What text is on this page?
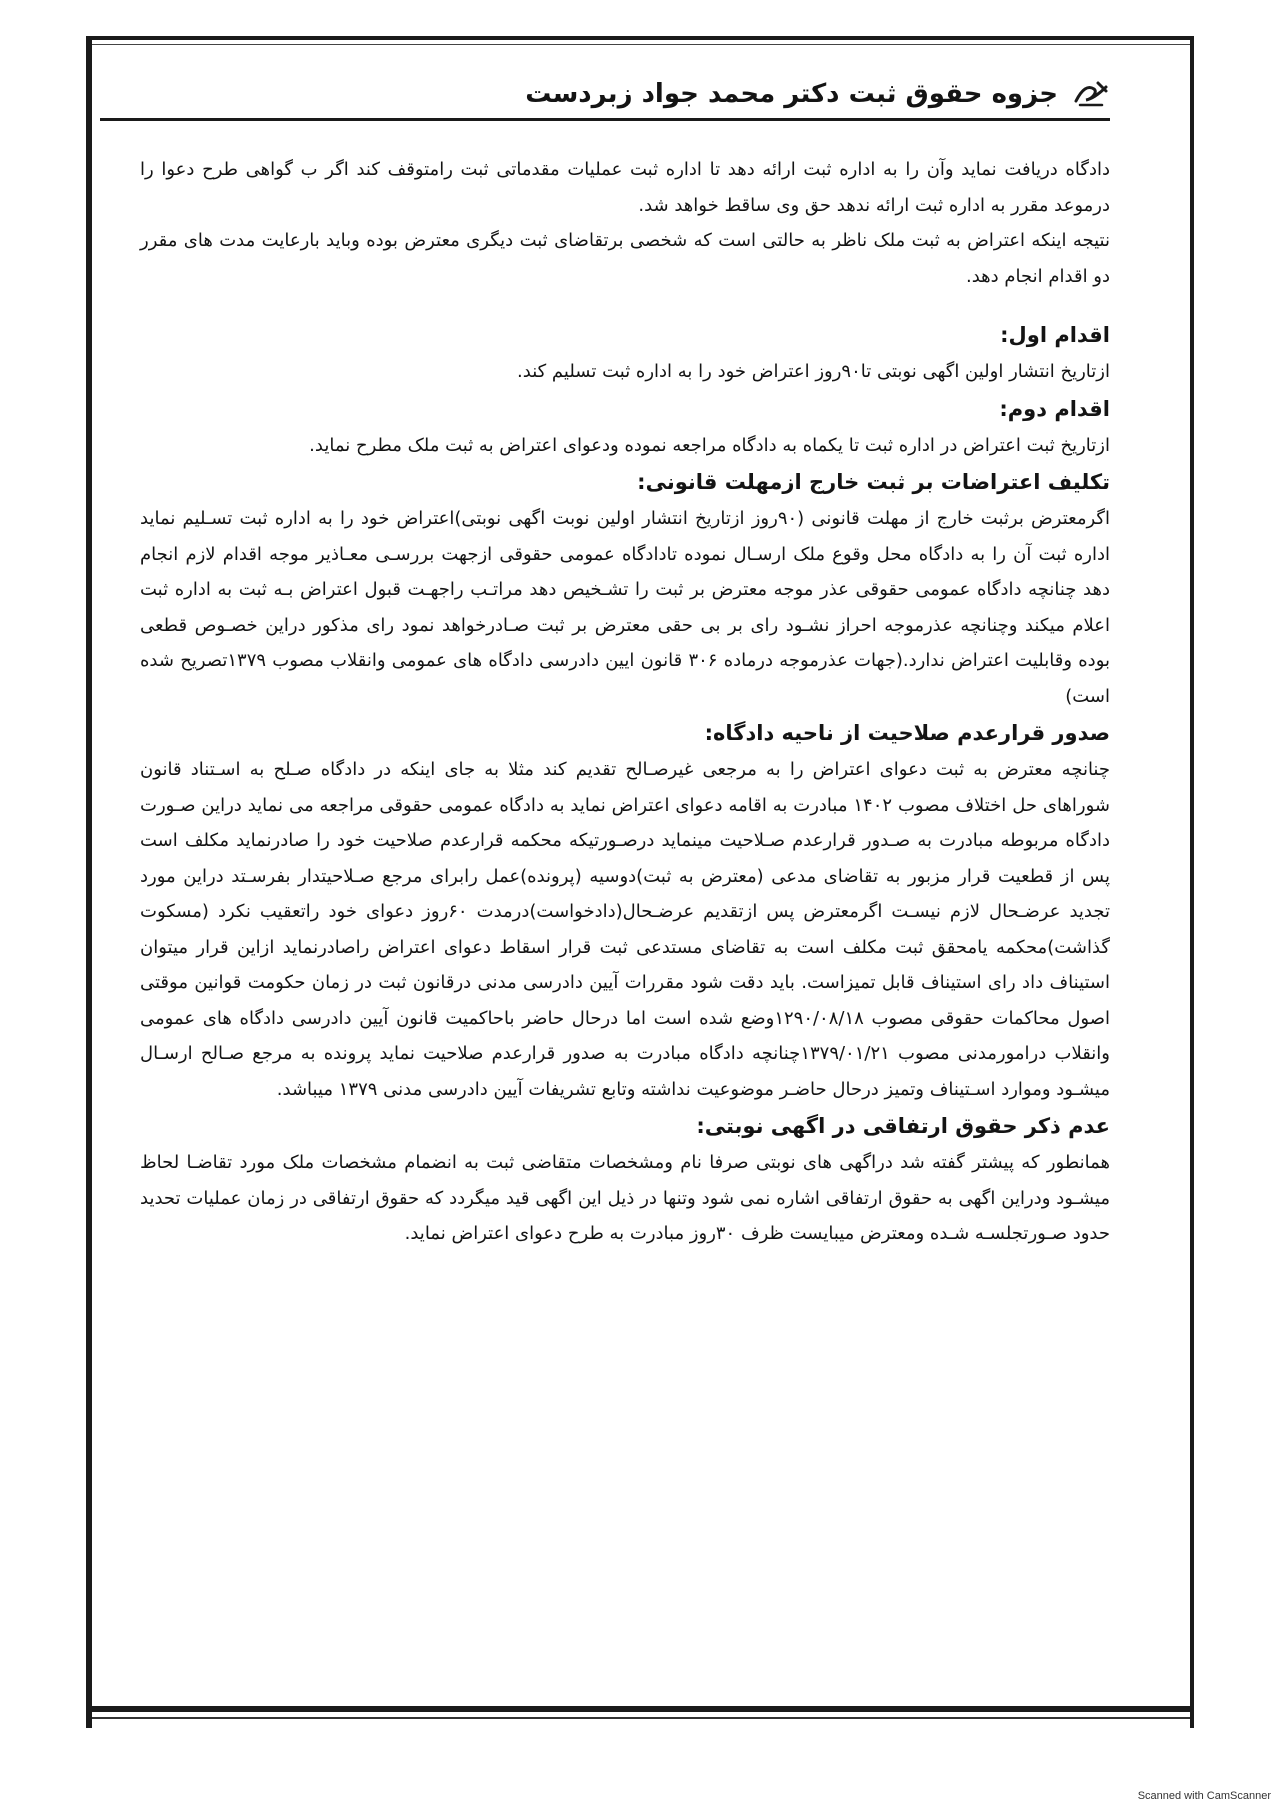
جزوه حقوق ثبت دکتر محمد جواد زبردست

دادگاه دریافت نماید وآن را به اداره ثبت ارائه دهد تا اداره ثبت عملیات مقدماتی ثبت رامتوقف کند اگر ب گواهی طرح دعوا را درموعد مقرر به اداره ثبت ارائه ندهد حق وی ساقط خواهد شد.

نتیجه اینکه اعتراض به ثبت ملک ناظر به حالتی است که شخصی برتقاضای ثبت دیگری معترض بوده وباید بارعایت مدت های مقرر دو اقدام انجام دهد.

اقدام اول:

ازتاریخ انتشار اولین اگهی نوبتی تا۹۰روز اعتراض خود را به اداره ثبت تسلیم کند.

اقدام دوم:

ازتاریخ ثبت اعتراض در اداره ثبت تا یکماه به دادگاه مراجعه نموده ودعوای اعتراض به ثبت ملک مطرح نماید.

تکلیف اعتراضات بر ثبت خارج ازمهلت قانونی:

اگرمعترض برثبت خارج از مهلت قانونی (۹۰روز ازتاریخ انتشار اولین نوبت اگهی نوبتی)اعتراض خود را به اداره ثبت تسـلیم نماید اداره ثبت آن را به دادگاه محل وقوع ملک ارسـال نموده تادادگاه عمومی حقوقی ازجهت بررسـی معـاذیر موجه اقدام لازم انجام دهد چنانچه دادگاه عمومی حقوقی عذر موجه معترض بر ثبت را تشـخیص دهد مراتـب راجهـت قبول اعتراض بـه ثبت به اداره ثبت اعلام میکند وچنانچه عذرموجه احراز نشـود رای بر بی حقی معترض بر ثبت صـادرخواهد نمود رای مذکور دراین خصـوص قطعی بوده وقابلیت اعتراض ندارد.(جهات عذرموجه درماده ۳۰۶ قانون ایین دادرسی دادگاه های عمومی وانقلاب مصوب ۱۳۷۹تصریح شده است)

صدور قرارعدم صلاحیت از ناحیه دادگاه:

چنانچه معترض به ثبت دعوای اعتراض را به مرجعی غیرصـالح تقدیم کند مثلا به جای اینکه در دادگاه صـلح به اسـتناد قانون شوراهای حل اختلاف مصوب ۱۴۰۲ مبادرت به اقامه دعوای اعتراض نماید به دادگاه عمومی حقوقی مراجعه می نماید دراین صـورت دادگاه مربوطه مبادرت به صـدور قرارعدم صـلاحیت مینماید درصـورتیکه محکمه قرارعدم صلاحیت خود را صادرنماید مکلف است پس از قطعیت قرار مزبور به تقاضای مدعی (معترض به ثبت)دوسیه (پرونده)عمل رابرای مرجع صـلاحیتدار بفرسـتد دراین مورد تجدید عرضـحال لازم نیسـت اگرمعترض پس ازتقدیم عرضـحال(دادخواست)درمدت ۶۰روز دعوای خود راتعقیب نکرد (مسکوت گذاشت)محکمه یامحقق ثبت مکلف است به تقاضای مستدعی ثبت قرار اسقاط دعوای اعتراض راصادرنماید ازاین قرار میتوان استیناف داد رای استیناف قابل تمیزاست. باید دقت شود مقررات آیین دادرسی مدنی درقانون ثبت در زمان حکومت قوانین موقتی اصول محاکمات حقوقی مصوب ۱۲۹۰/۰۸/۱۸وضع شده است اما درحال حاضر باحاکمیت قانون آیین دادرسی دادگاه های عمومی وانقلاب درامورمدنی مصوب ۱۳۷۹/۰۱/۲۱چنانچه دادگاه مبادرت به صدور قرارعدم صلاحیت نماید پرونده به مرجع صـالح ارسـال میشـود وموارد اسـتیناف وتمیز درحال حاضـر موضوعیت نداشته وتابع تشریفات آیین دادرسی مدنی ۱۳۷۹ میباشد.

عدم ذکر حقوق ارتفاقی در اگهی نوبتی:

همانطور که پیشتر گفته شد دراگهی های نوبتی صرفا نام ومشخصات متقاضی ثبت به انضمام مشخصات ملک مورد تقاضـا لحاظ میشـود ودراین اگهی به حقوق ارتفاقی اشاره نمی شود وتنها در ذیل این اگهی قید میگردد که حقوق ارتفاقی در زمان عملیات تحدید حدود صـورتجلسـه شـده ومعترض میبایست ظرف ۳۰روز مبادرت به طرح دعوای اعتراض نماید.

Scanned with CamScanner
